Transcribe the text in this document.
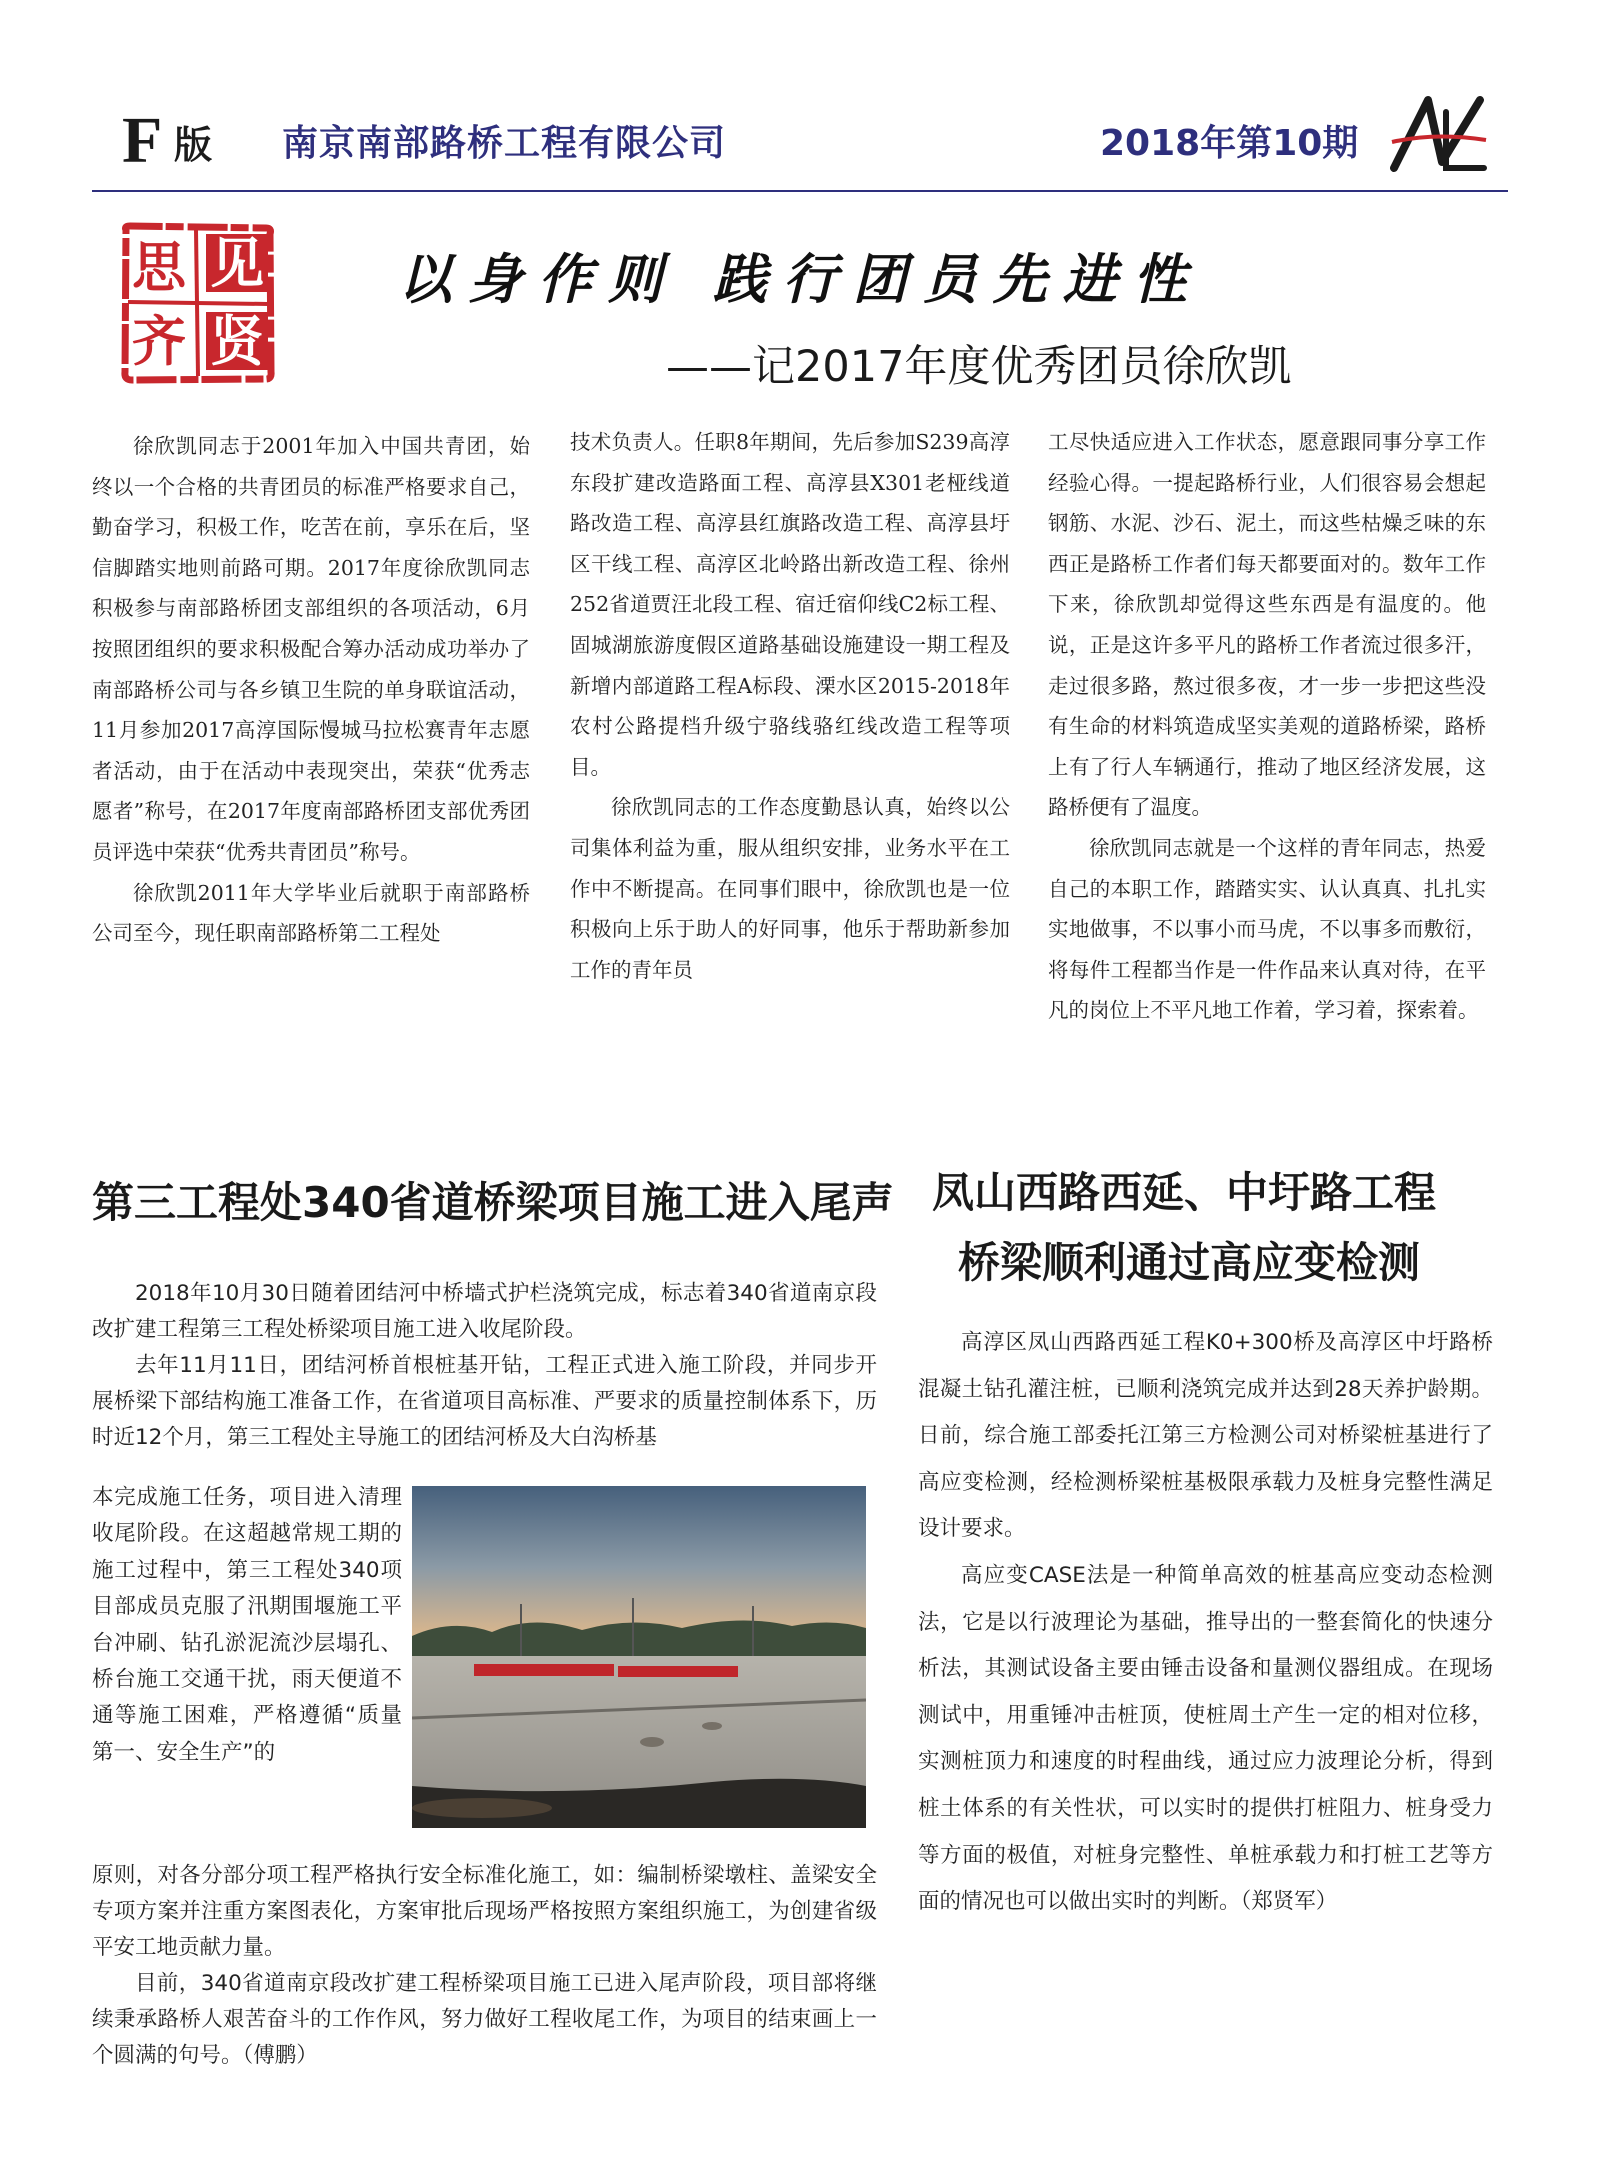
F 版 南京南部路桥工程有限公司	2018年第10期
思 见
齐 贤
以身作则 践行团员先进性
——记2017年度优秀团员徐欣凯

徐欣凯同志于2001年加入中国共青团，始终以一个合格的共青团员的标准严格要求自己，勤奋学习，积极工作，吃苦在前，享乐在后，坚信脚踏实地则前路可期。2017年度徐欣凯同志积极参与南部路桥团支部组织的各项活动，6月按照团组织的要求积极配合筹办活动成功举办了南部路桥公司与各乡镇卫生院的单身联谊活动，11月参加2017高淳国际慢城马拉松赛青年志愿者活动，由于在活动中表现突出，荣获“优秀志愿者”称号，在2017年度南部路桥团支部优秀团员评选中荣获“优秀共青团员”称号。

徐欣凯2011年大学毕业后就职于南部路桥公司至今，现任职南部路桥第二工程处

技术负责人。任职8年期间，先后参加S239高淳东段扩建改造路面工程、高淳县X301老桠线道路改造工程、高淳县红旗路改造工程、高淳县圩区干线工程、高淳区北岭路出新改造工程、徐州252省道贾汪北段工程、宿迁宿仰线C2标工程、固城湖旅游度假区道路基础设施建设一期工程及新增内部道路工程A标段、溧水区2015-2018年农村公路提档升级宁骆线骆红线改造工程等项目。

徐欣凯同志的工作态度勤恳认真，始终以公司集体利益为重，服从组织安排，业务水平在工作中不断提高。在同事们眼中，徐欣凯也是一位积极向上乐于助人的好同事，他乐于帮助新参加工作的青年员

工尽快适应进入工作状态，愿意跟同事分享工作经验心得。一提起路桥行业，人们很容易会想起钢筋、水泥、沙石、泥土，而这些枯燥乏味的东西正是路桥工作者们每天都要面对的。数年工作下来，徐欣凯却觉得这些东西是有温度的。他说，正是这许多平凡的路桥工作者流过很多汗，走过很多路，熬过很多夜，才一步一步把这些没有生命的材料筑造成坚实美观的道路桥梁，路桥上有了行人车辆通行，推动了地区经济发展，这路桥便有了温度。

徐欣凯同志就是一个这样的青年同志，热爱自己的本职工作，踏踏实实、认认真真、扎扎实实地做事，不以事小而马虎，不以事多而敷衍，将每件工程都当作是一件作品来认真对待，在平凡的岗位上不平凡地工作着，学习着，探索着。

第三工程处340省道桥梁项目施工进入尾声

2018年10月30日随着团结河中桥墙式护栏浇筑完成，标志着340省道南京段改扩建工程第三工程处桥梁项目施工进入收尾阶段。

去年11月11日，团结河桥首根桩基开钻，工程正式进入施工阶段，并同步开展桥梁下部结构施工准备工作，在省道项目高标准、严要求的质量控制体系下，历时近12个月，第三工程处主导施工的团结河桥及大白沟桥基

本完成施工任务，项目进入清理收尾阶段。在这超越常规工期的施工过程中，第三工程处340项目部成员克服了汛期围堰施工平台冲刷、钻孔淤泥流沙层塌孔、桥台施工交通干扰，雨天便道不通等施工困难，严格遵循“质量第一、安全生产”的

原则，对各分部分项工程严格执行安全标准化施工，如：编制桥梁墩柱、盖梁安全专项方案并注重方案图表化，方案审批后现场严格按照方案组织施工，为创建省级平安工地贡献力量。

目前，340省道南京段改扩建工程桥梁项目施工已进入尾声阶段，项目部将继续秉承路桥人艰苦奋斗的工作作风，努力做好工程收尾工作，为项目的结束画上一个圆满的句号。（傅鹏）

凤山西路西延、中圩路工程
桥梁顺利通过高应变检测

高淳区凤山西路西延工程K0+300桥及高淳区中圩路桥混凝土钻孔灌注桩，已顺利浇筑完成并达到28天养护龄期。日前，综合施工部委托江第三方检测公司对桥梁桩基进行了高应变检测，经检测桥梁桩基极限承载力及桩身完整性满足设计要求。

高应变CASE法是一种简单高效的桩基高应变动态检测法，它是以行波理论为基础，推导出的一整套简化的快速分析法，其测试设备主要由锤击设备和量测仪器组成。在现场测试中，用重锤冲击桩顶，使桩周土产生一定的相对位移，实测桩顶力和速度的时程曲线，通过应力波理论分析，得到桩土体系的有关性状，可以实时的提供打桩阻力、桩身受力等方面的极值，对桩身完整性、单桩承载力和打桩工艺等方面的情况也可以做出实时的判断。（郑贤军）
